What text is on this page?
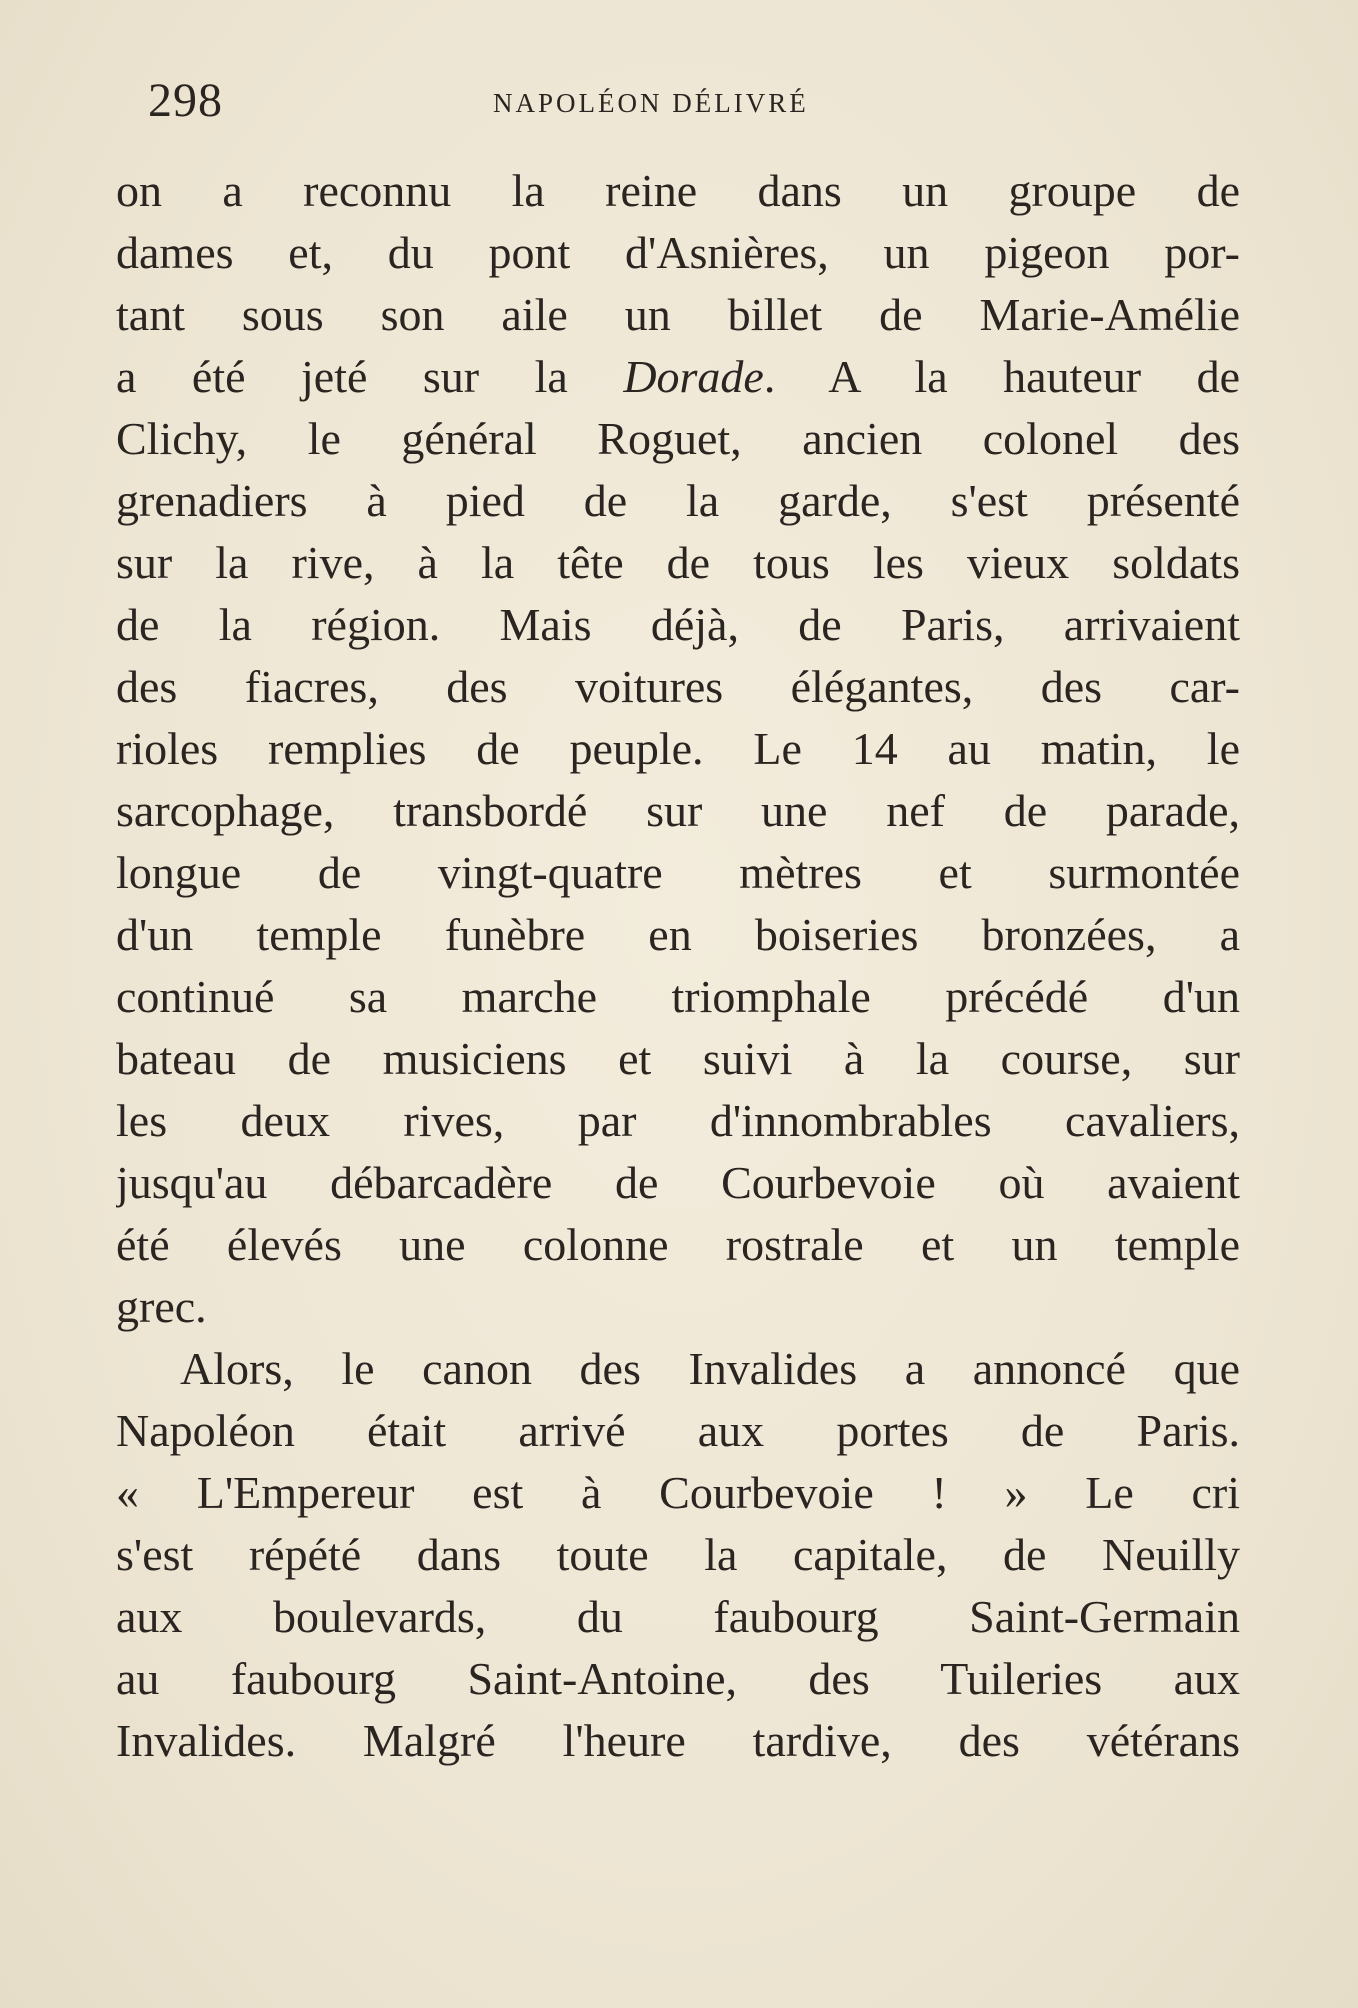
298	NAPOLÉON DÉLIVRÉ
on a reconnu la reine dans un groupe de
dames et, du pont d'Asnières, un pigeon por-
tant sous son aile un billet de Marie-Amélie
a été jeté sur la Dorade. A la hauteur de
Clichy, le général Roguet, ancien colonel des
grenadiers à pied de la garde, s'est présenté
sur la rive, à la tête de tous les vieux soldats
de la région. Mais déjà, de Paris, arrivaient
des fiacres, des voitures élégantes, des car-
rioles remplies de peuple. Le 14 au matin, le
sarcophage, transbordé sur une nef de parade,
longue de vingt-quatre mètres et surmontée
d'un temple funèbre en boiseries bronzées, a
continué sa marche triomphale précédé d'un
bateau de musiciens et suivi à la course, sur
les deux rives, par d'innombrables cavaliers,
jusqu'au débarcadère de Courbevoie où avaient
été élevés une colonne rostrale et un temple
grec.
Alors, le canon des Invalides a annoncé que
Napoléon était arrivé aux portes de Paris.
« L'Empereur est à Courbevoie ! » Le cri
s'est répété dans toute la capitale, de Neuilly
aux boulevards, du faubourg Saint-Germain
au faubourg Saint-Antoine, des Tuileries aux
Invalides. Malgré l'heure tardive, des vétérans
